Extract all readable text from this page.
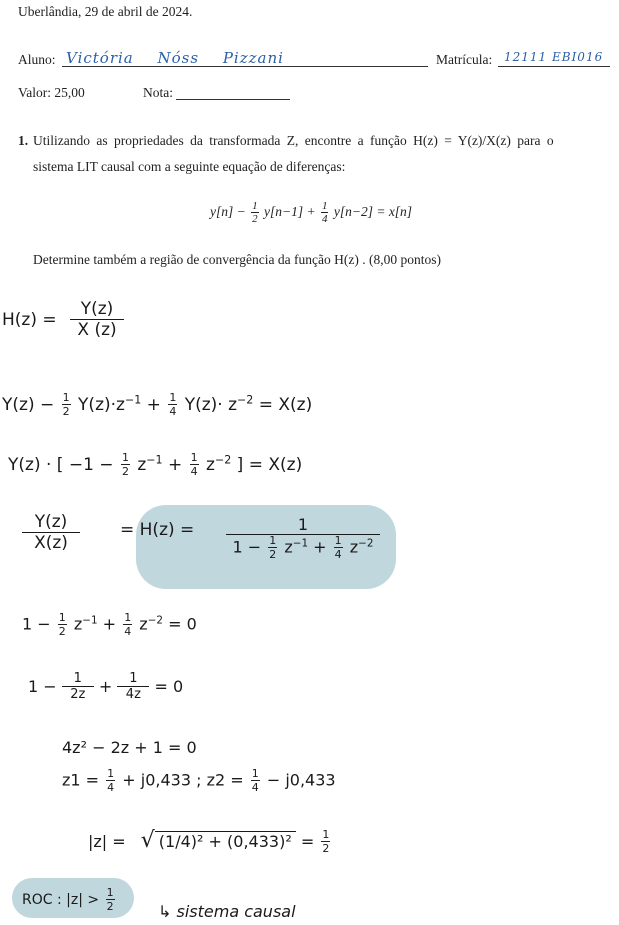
Uberlândia, 29 de abril de 2024.
Aluno: Victória Nóss Pizzani	Matrícula: 12111 EBI016
Valor: 25,00	Nota:
1. Utilizando as propriedades da transformada Z, encontre a função H(z) = Y(z)/X(z) para o
sistema LIT causal com a seguinte equação de diferenças:
$y[n] - \frac{1}{2} y[n-1] + \frac{1}{4} y[n-2] = x[n]$
Determine também a região de convergência da função H(z) . (8,00 pontos)
$H(z) = \frac{Y(z)}{X (z)}$
$Y(z) - \frac{1}{2} Y(z)\cdot z^{-1} + \frac{1}{4} Y(z)\cdot z^{-2} = X(z)$
Y(z) · [ $-1 - \frac{1}{2} z^{-1} + \frac{1}{4} z^{-2}$ ] = X(z)
$\frac{Y(z)}{X(z)} = H(z) = \frac{1}{1 - \frac{1}{2} z^{-1} + \frac{1}{4} z^{-2}}$
$1 - \frac{1}{2} z^{-1} + \frac{1}{4} z^{-2} = 0$
$1 - \frac{1}{2z} + \frac{1}{4z} = 0$
4z² − 2z + 1 = 0
$z1 = \frac{1}{4} + j0,433$ ; $z2 = \frac{1}{4} - j0,433$
|z| = √ $(1/4)^2 + (0,433)^2 = \frac{1}{2}$
ROC : $|z| > \frac{1}{2}$	↳ sistema causal
